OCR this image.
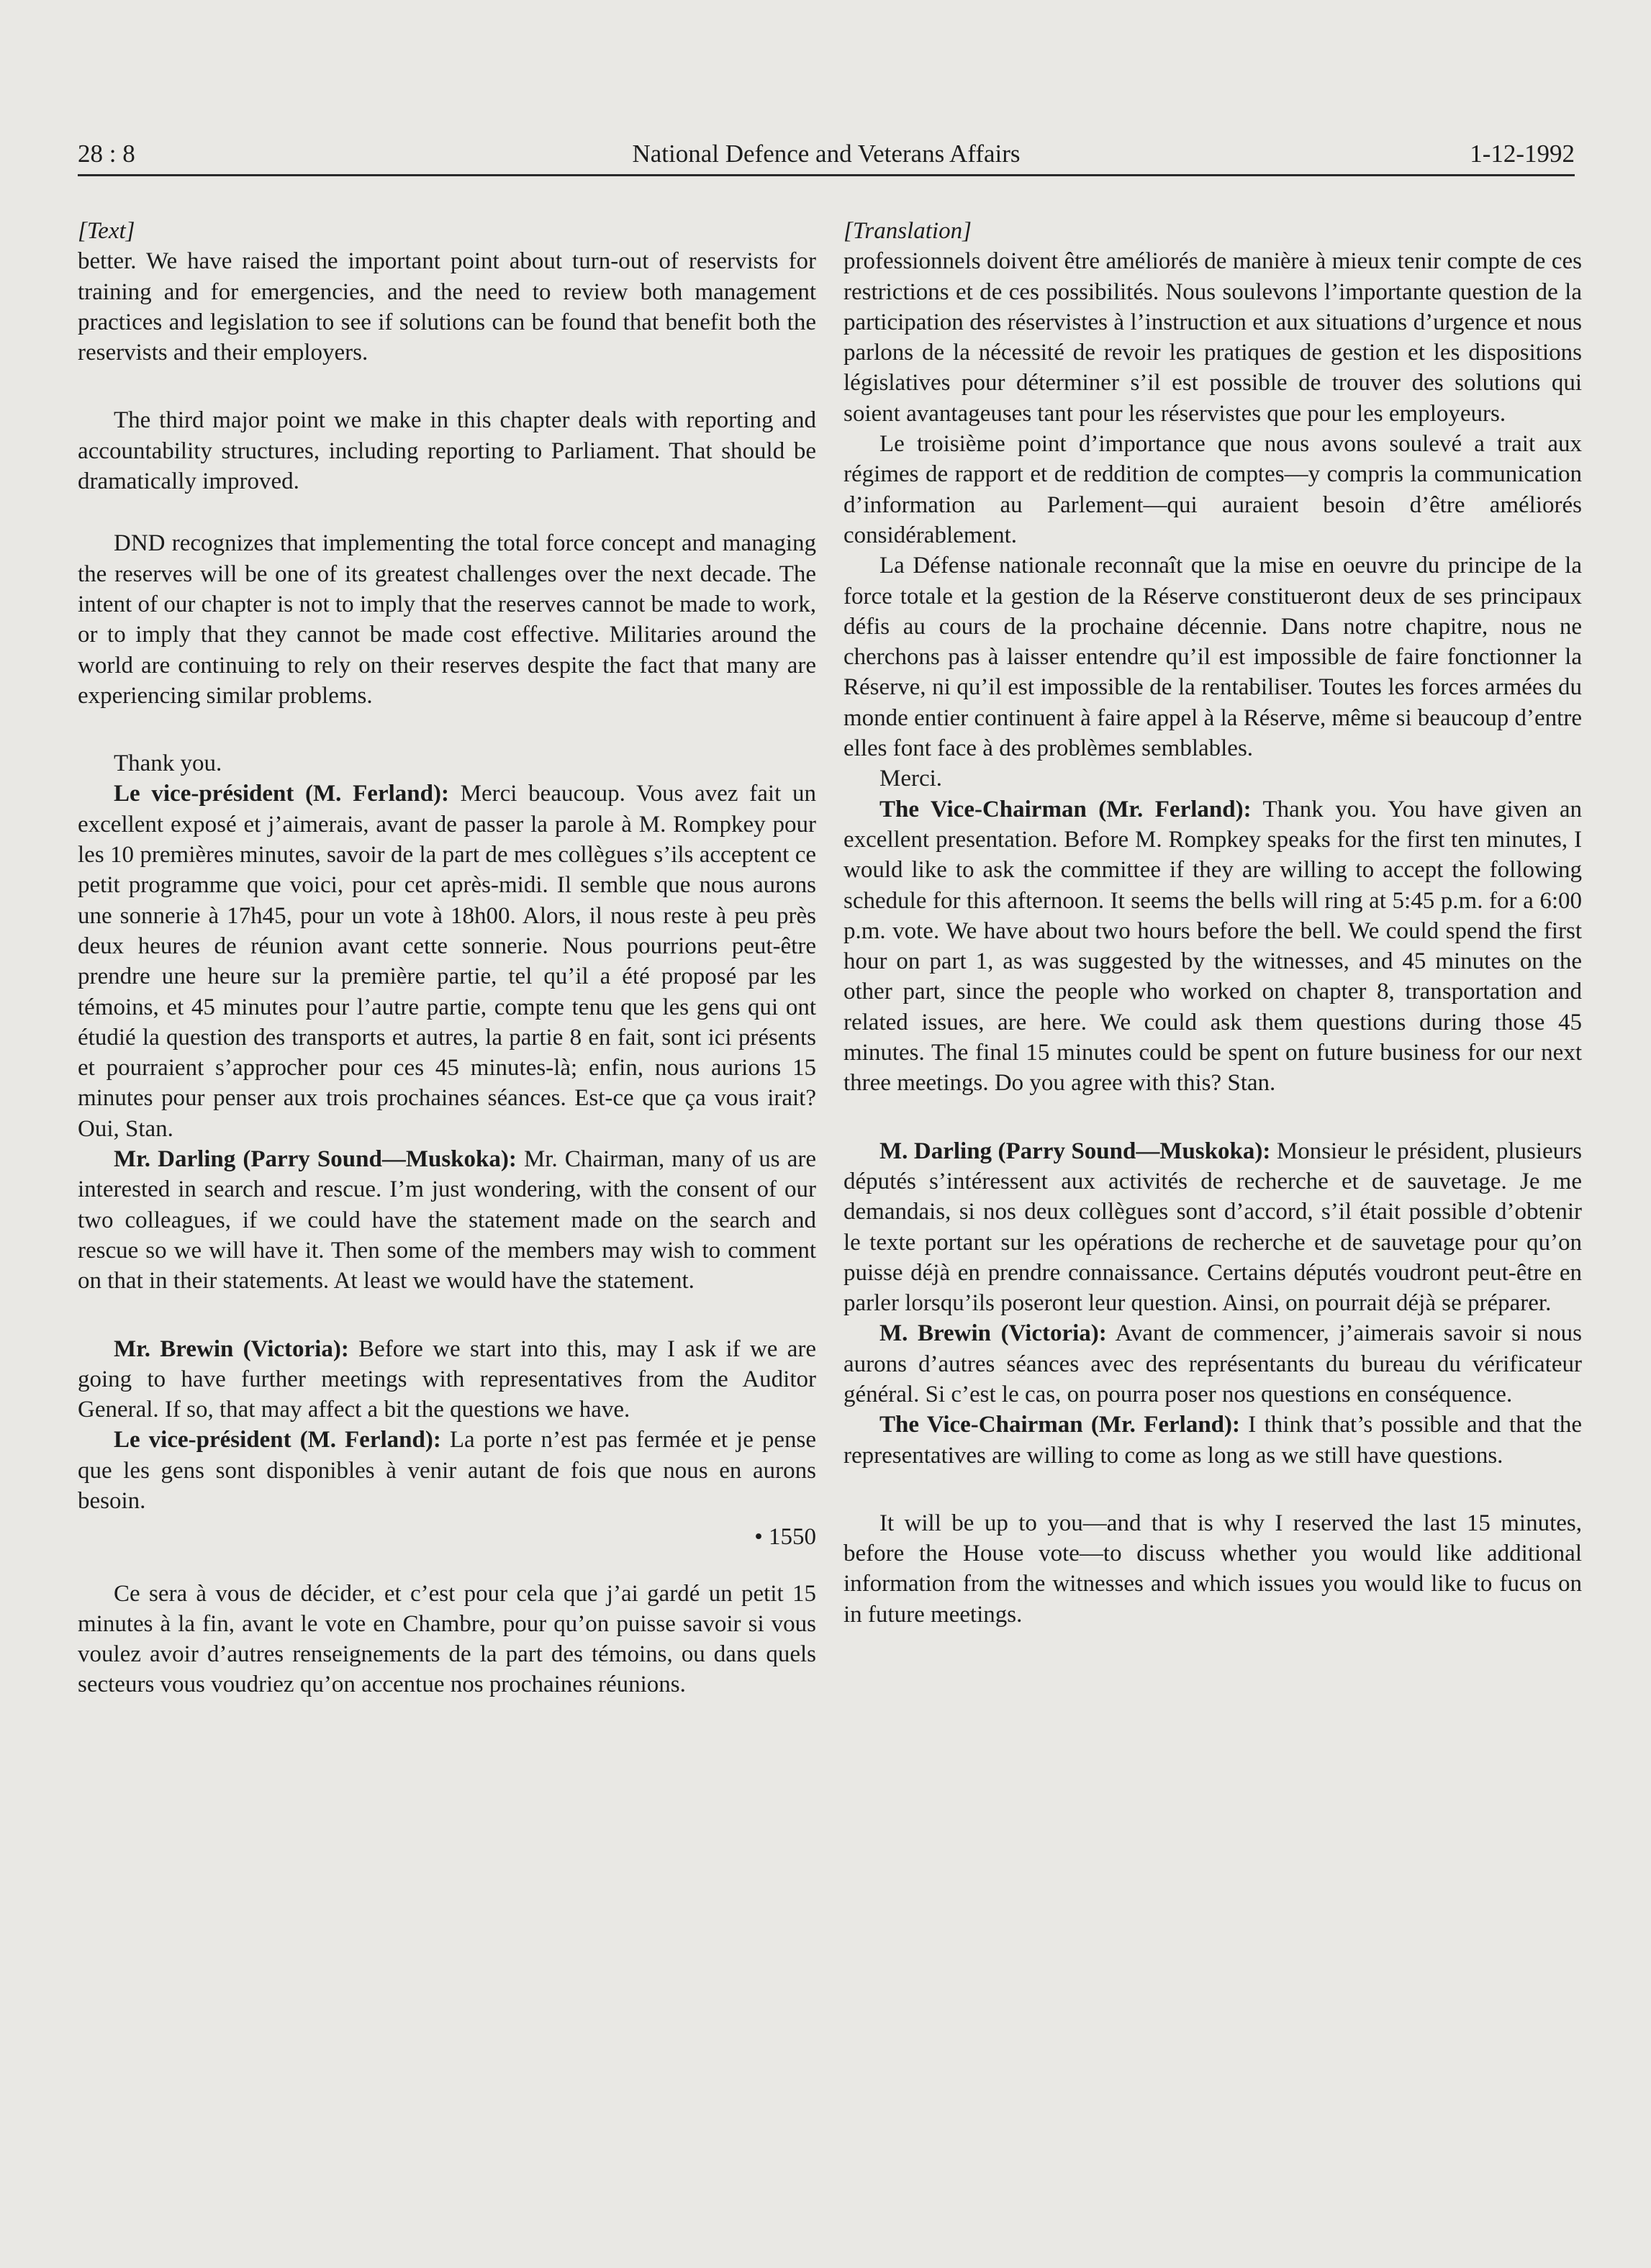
28 : 8	National Defence and Veterans Affairs	1-12-1992

[Text]

better. We have raised the important point about turn-out of reservists for training and for emergencies, and the need to review both management practices and legislation to see if solutions can be found that benefit both the reservists and their employers.

The third major point we make in this chapter deals with reporting and accountability structures, including reporting to Parliament. That should be dramatically improved.

DND recognizes that implementing the total force concept and managing the reserves will be one of its greatest challenges over the next decade. The intent of our chapter is not to imply that the reserves cannot be made to work, or to imply that they cannot be made cost effective. Militaries around the world are continuing to rely on their reserves despite the fact that many are experiencing similar problems.

Thank you.

Le vice-président (M. Ferland): Merci beaucoup. Vous avez fait un excellent exposé et j’aimerais, avant de passer la parole à M. Rompkey pour les 10 premières minutes, savoir de la part de mes collègues s’ils acceptent ce petit programme que voici, pour cet après-midi. Il semble que nous aurons une sonnerie à 17h45, pour un vote à 18h00. Alors, il nous reste à peu près deux heures de réunion avant cette sonnerie. Nous pourrions peut-être prendre une heure sur la première partie, tel qu’il a été proposé par les témoins, et 45 minutes pour l’autre partie, compte tenu que les gens qui ont étudié la question des transports et autres, la partie 8 en fait, sont ici présents et pourraient s’approcher pour ces 45 minutes-là; enfin, nous aurions 15 minutes pour penser aux trois prochaines séances. Est-ce que ça vous irait? Oui, Stan.

Mr. Darling (Parry Sound—Muskoka): Mr. Chairman, many of us are interested in search and rescue. I’m just wondering, with the consent of our two colleagues, if we could have the statement made on the search and rescue so we will have it. Then some of the members may wish to comment on that in their statements. At least we would have the statement.

Mr. Brewin (Victoria): Before we start into this, may I ask if we are going to have further meetings with representatives from the Auditor General. If so, that may affect a bit the questions we have.

Le vice-président (M. Ferland): La porte n’est pas fermée et je pense que les gens sont disponibles à venir autant de fois que nous en aurons besoin.

• 1550

Ce sera à vous de décider, et c’est pour cela que j’ai gardé un petit 15 minutes à la fin, avant le vote en Chambre, pour qu’on puisse savoir si vous voulez avoir d’autres renseignements de la part des témoins, ou dans quels secteurs vous voudriez qu’on accentue nos prochaines réunions.

[Translation]

professionnels doivent être améliorés de manière à mieux tenir compte de ces restrictions et de ces possibilités. Nous soulevons l’importante question de la participation des réservistes à l’instruction et aux situations d’urgence et nous parlons de la nécessité de revoir les pratiques de gestion et les dispositions législatives pour déterminer s’il est possible de trouver des solutions qui soient avantageuses tant pour les réservistes que pour les employeurs.

Le troisième point d’importance que nous avons soulevé a trait aux régimes de rapport et de reddition de comptes—y compris la communication d’information au Parlement—qui auraient besoin d’être améliorés considérablement.

La Défense nationale reconnaît que la mise en oeuvre du principe de la force totale et la gestion de la Réserve constitueront deux de ses principaux défis au cours de la prochaine décennie. Dans notre chapitre, nous ne cherchons pas à laisser entendre qu’il est impossible de faire fonctionner la Réserve, ni qu’il est impossible de la rentabiliser. Toutes les forces armées du monde entier continuent à faire appel à la Réserve, même si beaucoup d’entre elles font face à des problèmes semblables.

Merci.

The Vice-Chairman (Mr. Ferland): Thank you. You have given an excellent presentation. Before M. Rompkey speaks for the first ten minutes, I would like to ask the committee if they are willing to accept the following schedule for this afternoon. It seems the bells will ring at 5:45 p.m. for a 6:00 p.m. vote. We have about two hours before the bell. We could spend the first hour on part 1, as was suggested by the witnesses, and 45 minutes on the other part, since the people who worked on chapter 8, transportation and related issues, are here. We could ask them questions during those 45 minutes. The final 15 minutes could be spent on future business for our next three meetings. Do you agree with this? Stan.

M. Darling (Parry Sound—Muskoka): Monsieur le président, plusieurs députés s’intéressent aux activités de recherche et de sauvetage. Je me demandais, si nos deux collègues sont d’accord, s’il était possible d’obtenir le texte portant sur les opérations de recherche et de sauvetage pour qu’on puisse déjà en prendre connaissance. Certains députés voudront peut-être en parler lorsqu’ils poseront leur question. Ainsi, on pourrait déjà se préparer.

M. Brewin (Victoria): Avant de commencer, j’aimerais savoir si nous aurons d’autres séances avec des représentants du bureau du vérificateur général. Si c’est le cas, on pourra poser nos questions en conséquence.

The Vice-Chairman (Mr. Ferland): I think that’s possible and that the representatives are willing to come as long as we still have questions.

It will be up to you—and that is why I reserved the last 15 minutes, before the House vote—to discuss whether you would like additional information from the witnesses and which issues you would like to fucus on in future meetings.
